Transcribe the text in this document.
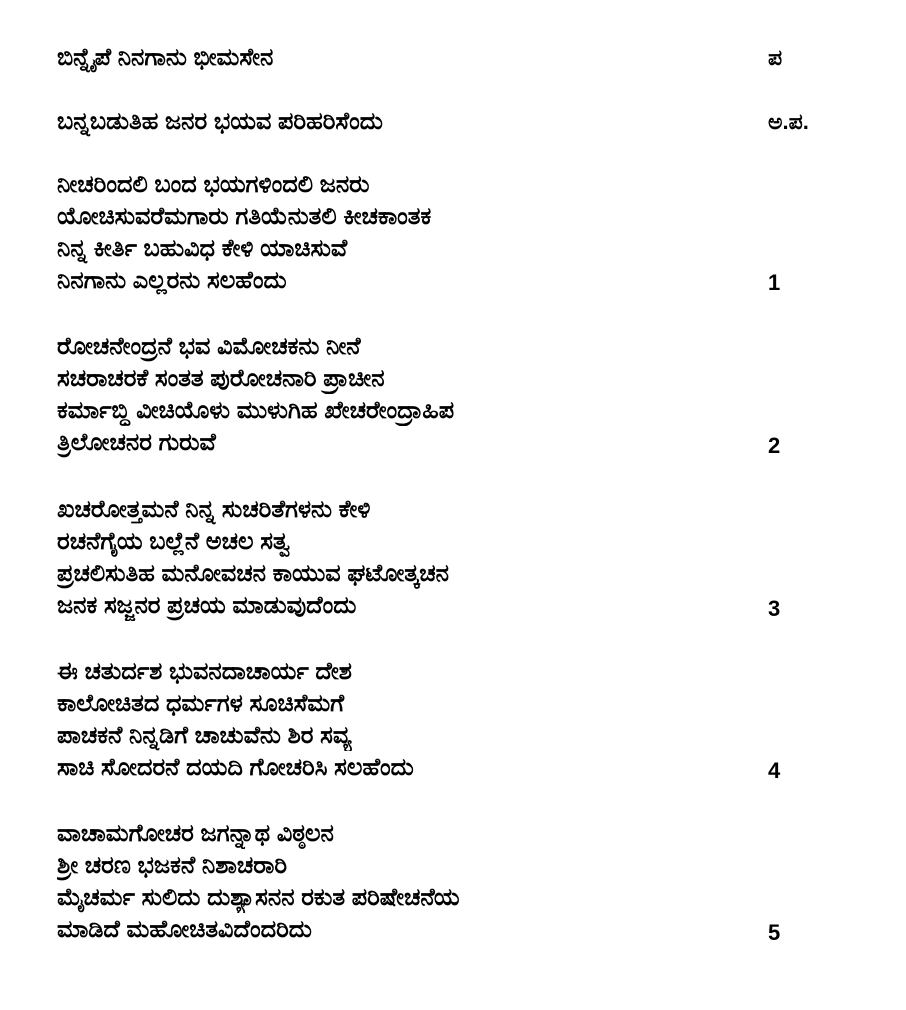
ಬಿನ್ನೈಪೆ ನಿನಗಾನು ಭೀಮಸೇನ	ಪ
ಬನ್ನಬಡುತಿಹ ಜನರ ಭಯವ ಪರಿಹರಿಸೆಂದು	ಅ.ಪ.
ನೀಚರಿಂದಲಿ ಬಂದ ಭಯಗಳಿಂದಲಿ ಜನರು
ಯೋಚಿಸುವರೆಮಗಾರು ಗತಿಯೆನುತಲಿ ಕೀಚಕಾಂತಕ
ನಿನ್ನ ಕೀರ್ತಿ ಬಹುವಿಧ ಕೇಳಿ ಯಾಚಿಸುವೆ
ನಿನಗಾನು ಎಲ್ಲರನು ಸಲಹೆಂದು	1
ರೋಚನೇಂದ್ರನೆ ಭವ ವಿಮೋಚಕನು ನೀನೆ
ಸಚರಾಚರಕೆ ಸಂತತ ಪುರೋಚನಾರಿ ಪ್ರಾಚೀನ
ಕರ್ಮಾಬ್ಧಿ ವೀಚಿಯೊಳು ಮುಳುಗಿಹ ಖೇಚರೇಂದ್ರಾಹಿಪ
ತ್ರಿಲೋಚನರ ಗುರುವೆ	2
ಖಚರೋತ್ತಮನೆ ನಿನ್ನ ಸುಚರಿತೆಗಳನು ಕೇಳಿ
ರಚನೆಗೈಯ ಬಲ್ಲೆನೆ ಅಚಲ ಸತ್ವ
ಪ್ರಚಲಿಸುತಿಹ ಮನೋವಚನ ಕಾಯುವ ಘಟೋತ್ಕಚನ
ಜನಕ ಸಜ್ಜನರ ಪ್ರಚಯ ಮಾಡುವುದೆಂದು	3
ಈ ಚತುರ್ದಶ ಭುವನದಾಚಾರ್ಯ ದೇಶ
ಕಾಲೋಚಿತದ ಧರ್ಮಗಳ ಸೂಚಿಸೆಮಗೆ
ಪಾಚಕನೆ ನಿನ್ನಡಿಗೆ ಚಾಚುವೆನು ಶಿರ ಸವ್ಯ
ಸಾಚಿ ಸೋದರನೆ ದಯದಿ ಗೋಚರಿಸಿ ಸಲಹೆಂದು	4
ವಾಚಾಮಗೋಚರ ಜಗನ್ನಾಥ ವಿಠ್ಠಲನ
ಶ್ರೀ ಚರಣ ಭಜಕನೆ ನಿಶಾಚರಾರಿ
ಮೈಚರ್ಮ ಸುಲಿದು ದುಶ್ಯಾಸನನ ರಕುತ ಪರಿಷೇಚನೆಯ
ಮಾಡಿದೆ ಮಹೋಚಿತವಿದೆಂದರಿದು	5
